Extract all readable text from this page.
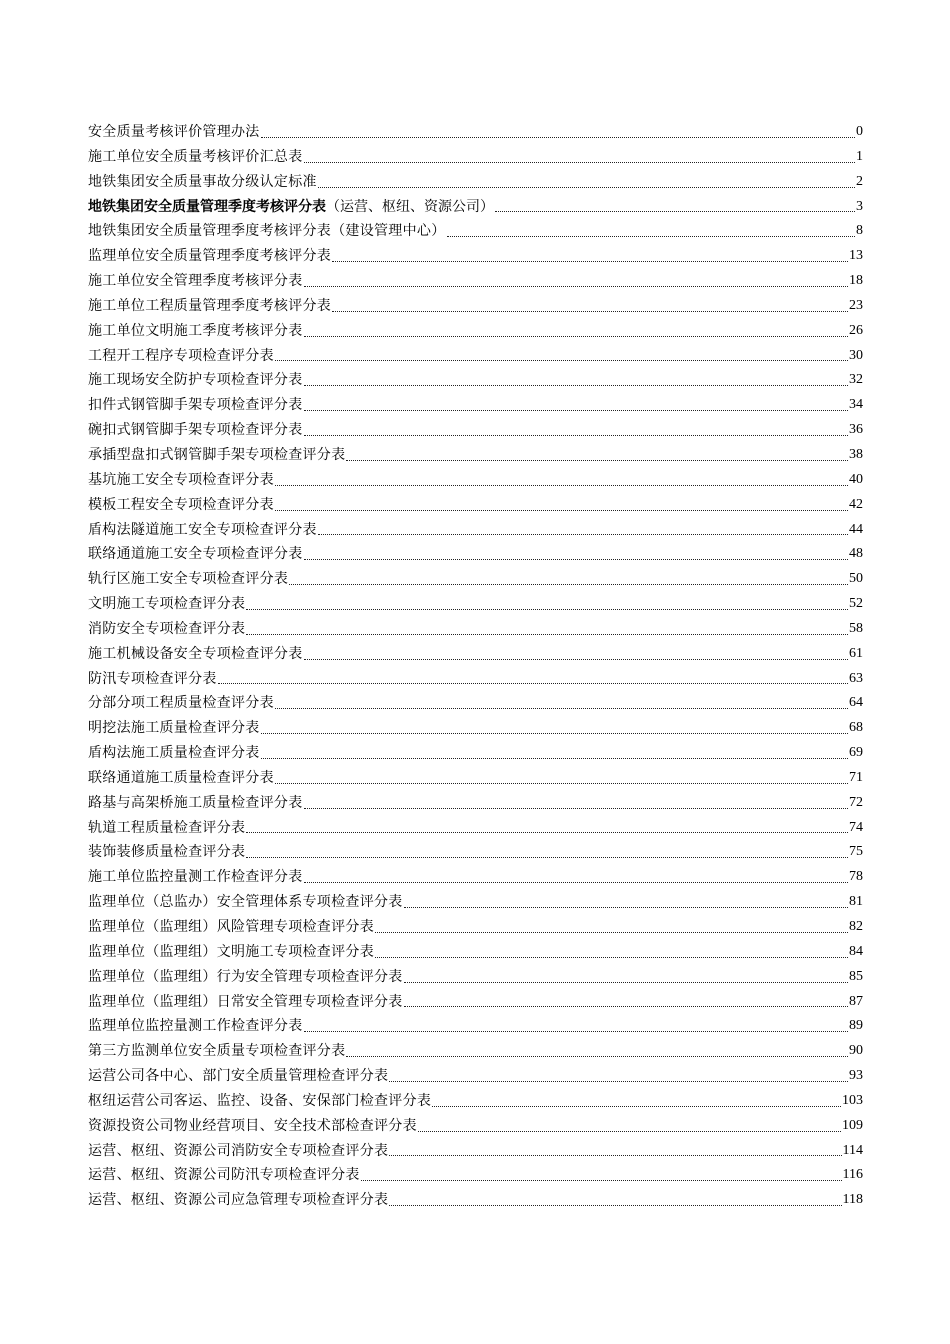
安全质量考核评价管理办法	0
施工单位安全质量考核评价汇总表	1
地铁集团安全质量事故分级认定标准	2
地铁集团安全质量管理季度考核评分表（运营、枢纽、资源公司）	3
地铁集团安全质量管理季度考核评分表（建设管理中心）	8
监理单位安全质量管理季度考核评分表	13
施工单位安全管理季度考核评分表	18
施工单位工程质量管理季度考核评分表	23
施工单位文明施工季度考核评分表	26
工程开工程序专项检查评分表	30
施工现场安全防护专项检查评分表	32
扣件式钢管脚手架专项检查评分表	34
碗扣式钢管脚手架专项检查评分表	36
承插型盘扣式钢管脚手架专项检查评分表	38
基坑施工安全专项检查评分表	40
模板工程安全专项检查评分表	42
盾构法隧道施工安全专项检查评分表	44
联络通道施工安全专项检查评分表	48
轨行区施工安全专项检查评分表	50
文明施工专项检查评分表	52
消防安全专项检查评分表	58
施工机械设备安全专项检查评分表	61
防汛专项检查评分表	63
分部分项工程质量检查评分表	64
明挖法施工质量检查评分表	68
盾构法施工质量检查评分表	69
联络通道施工质量检查评分表	71
路基与高架桥施工质量检查评分表	72
轨道工程质量检查评分表	74
装饰装修质量检查评分表	75
施工单位监控量测工作检查评分表	78
监理单位（总监办）安全管理体系专项检查评分表	81
监理单位（监理组）风险管理专项检查评分表	82
监理单位（监理组）文明施工专项检查评分表	84
监理单位（监理组）行为安全管理专项检查评分表	85
监理单位（监理组）日常安全管理专项检查评分表	87
监理单位监控量测工作检查评分表	89
第三方监测单位安全质量专项检查评分表	90
运营公司各中心、部门安全质量管理检查评分表	93
枢纽运营公司客运、监控、设备、安保部门检查评分表	103
资源投资公司物业经营项目、安全技术部检查评分表	109
运营、枢纽、资源公司消防安全专项检查评分表	114
运营、枢纽、资源公司防汛专项检查评分表	116
运营、枢纽、资源公司应急管理专项检查评分表	118
